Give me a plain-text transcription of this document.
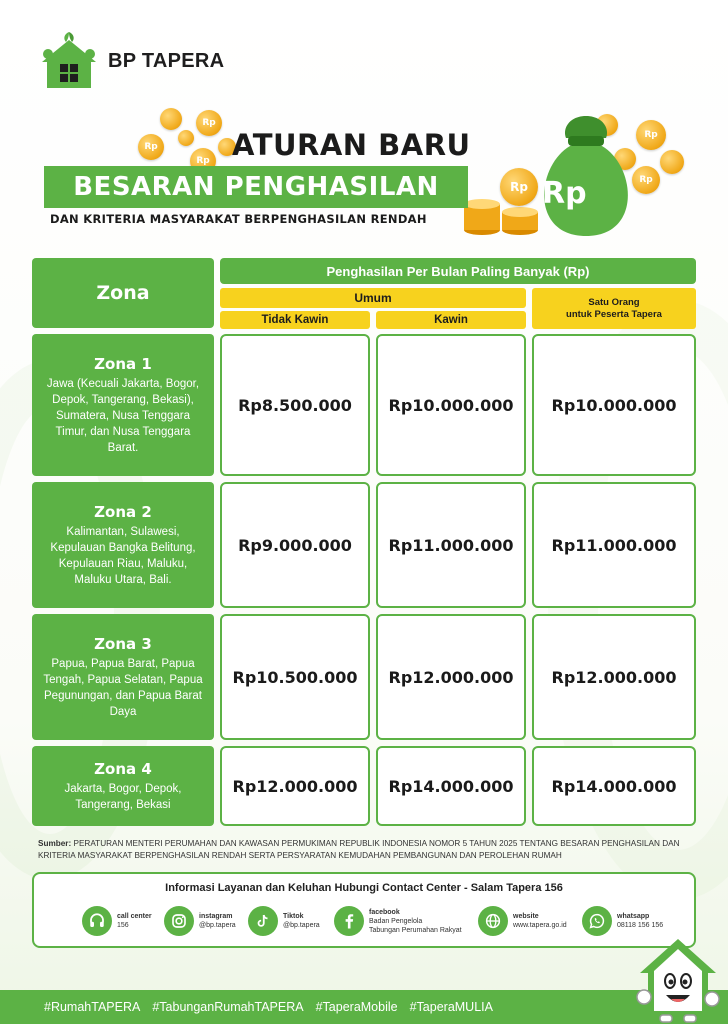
BP TAPERA
Rp
Rp
Rp
Rp
Rp
Rp
Rp
ATURAN BARU
BESARAN PENGHASILAN
DAN KRITERIA MASYARAKAT BERPENGHASILAN RENDAH
Zona
Penghasilan Per Bulan Paling Banyak (Rp)
Umum
Tidak Kawin	Kawin
Satu Orang
untuk Peserta Tapera
Zona 1
Jawa (Kecuali Jakarta, Bogor, Depok, Tangerang, Bekasi), Sumatera, Nusa Tenggara Timur, dan Nusa Tenggara Barat.
Rp8.500.000	Rp10.000.000	Rp10.000.000
Zona 2
Kalimantan, Sulawesi, Kepulauan Bangka Belitung, Kepulauan Riau, Maluku, Maluku Utara, Bali.
Rp9.000.000	Rp11.000.000	Rp11.000.000
Zona 3
Papua, Papua Barat, Papua Tengah, Papua Selatan, Papua Pegunungan, dan Papua Barat Daya
Rp10.500.000	Rp12.000.000	Rp12.000.000
Zona 4
Jakarta, Bogor, Depok, Tangerang, Bekasi
Rp12.000.000	Rp14.000.000	Rp14.000.000
Sumber: PERATURAN MENTERI PERUMAHAN DAN KAWASAN PERMUKIMAN REPUBLIK INDONESIA NOMOR 5 TAHUN 2025 TENTANG BESARAN PENGHASILAN DAN KRITERIA MASYARAKAT BERPENGHASILAN RENDAH SERTA PERSYARATAN KEMUDAHAN PEMBANGUNAN DAN PEROLEHAN RUMAH
Informasi Layanan dan Keluhan Hubungi Contact Center - Salam Tapera 156
call center
156
instagram
@bp.tapera
Tiktok
@bp.tapera
facebook
Badan Pengelola
Tabungan Perumahan Rakyat
website
www.tapera.go.id
whatsapp
08118 156 156
#RumahTAPERA #TabunganRumahTAPERA #TaperaMobile #TaperaMULIA
